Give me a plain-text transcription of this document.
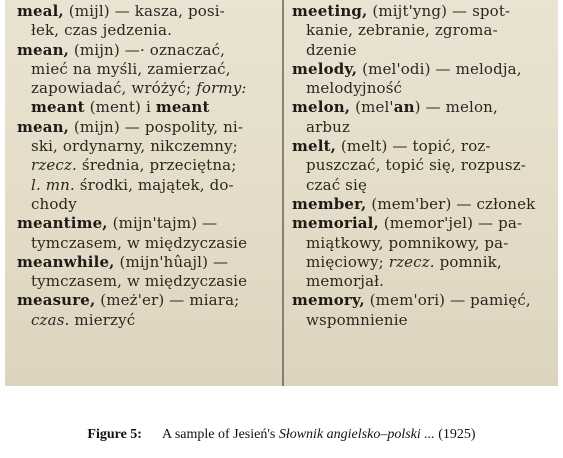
meal, (mijl) — kasza, posi-
łek, czas jedzenia.
mean, (mijn) —· oznaczać,
mieć na myśli, zamierzać,
zapowiadać, wróżyć; formy:
meant (ment) i meant
mean, (mijn) — pospolity, ni-
ski, ordynarny, nikczemny;
rzecz. średnia, przeciętna;
l. mn. środki, majątek, do-
chody
meantime, (mijn'tajm) —
tymczasem, w międzyczasie
meanwhile, (mijn'hûajl) —
tymczasem, w międzyczasie
measure, (meż'er) — miara;
czas. mierzyć
meeting, (mijt'yng) — spot-
kanie, zebranie, zgroma-
dzenie
melody, (mel'odi) — melodja,
melodyjność
melon, (mel'an) — melon,
arbuz
melt, (melt) — topić, roz-
puszczać, topić się, rozpusz-
czać się
member, (mem'ber) — członek
memorial, (memor'jel) — pa-
miątkowy, pomnikowy, pa-
mięciowy; rzecz. pomnik,
memorjał.
memory, (mem'ori) — pamięć,
wspomnienie
Figure 5: A sample of Jesień's Słownik angielsko–polski ... (1925)
